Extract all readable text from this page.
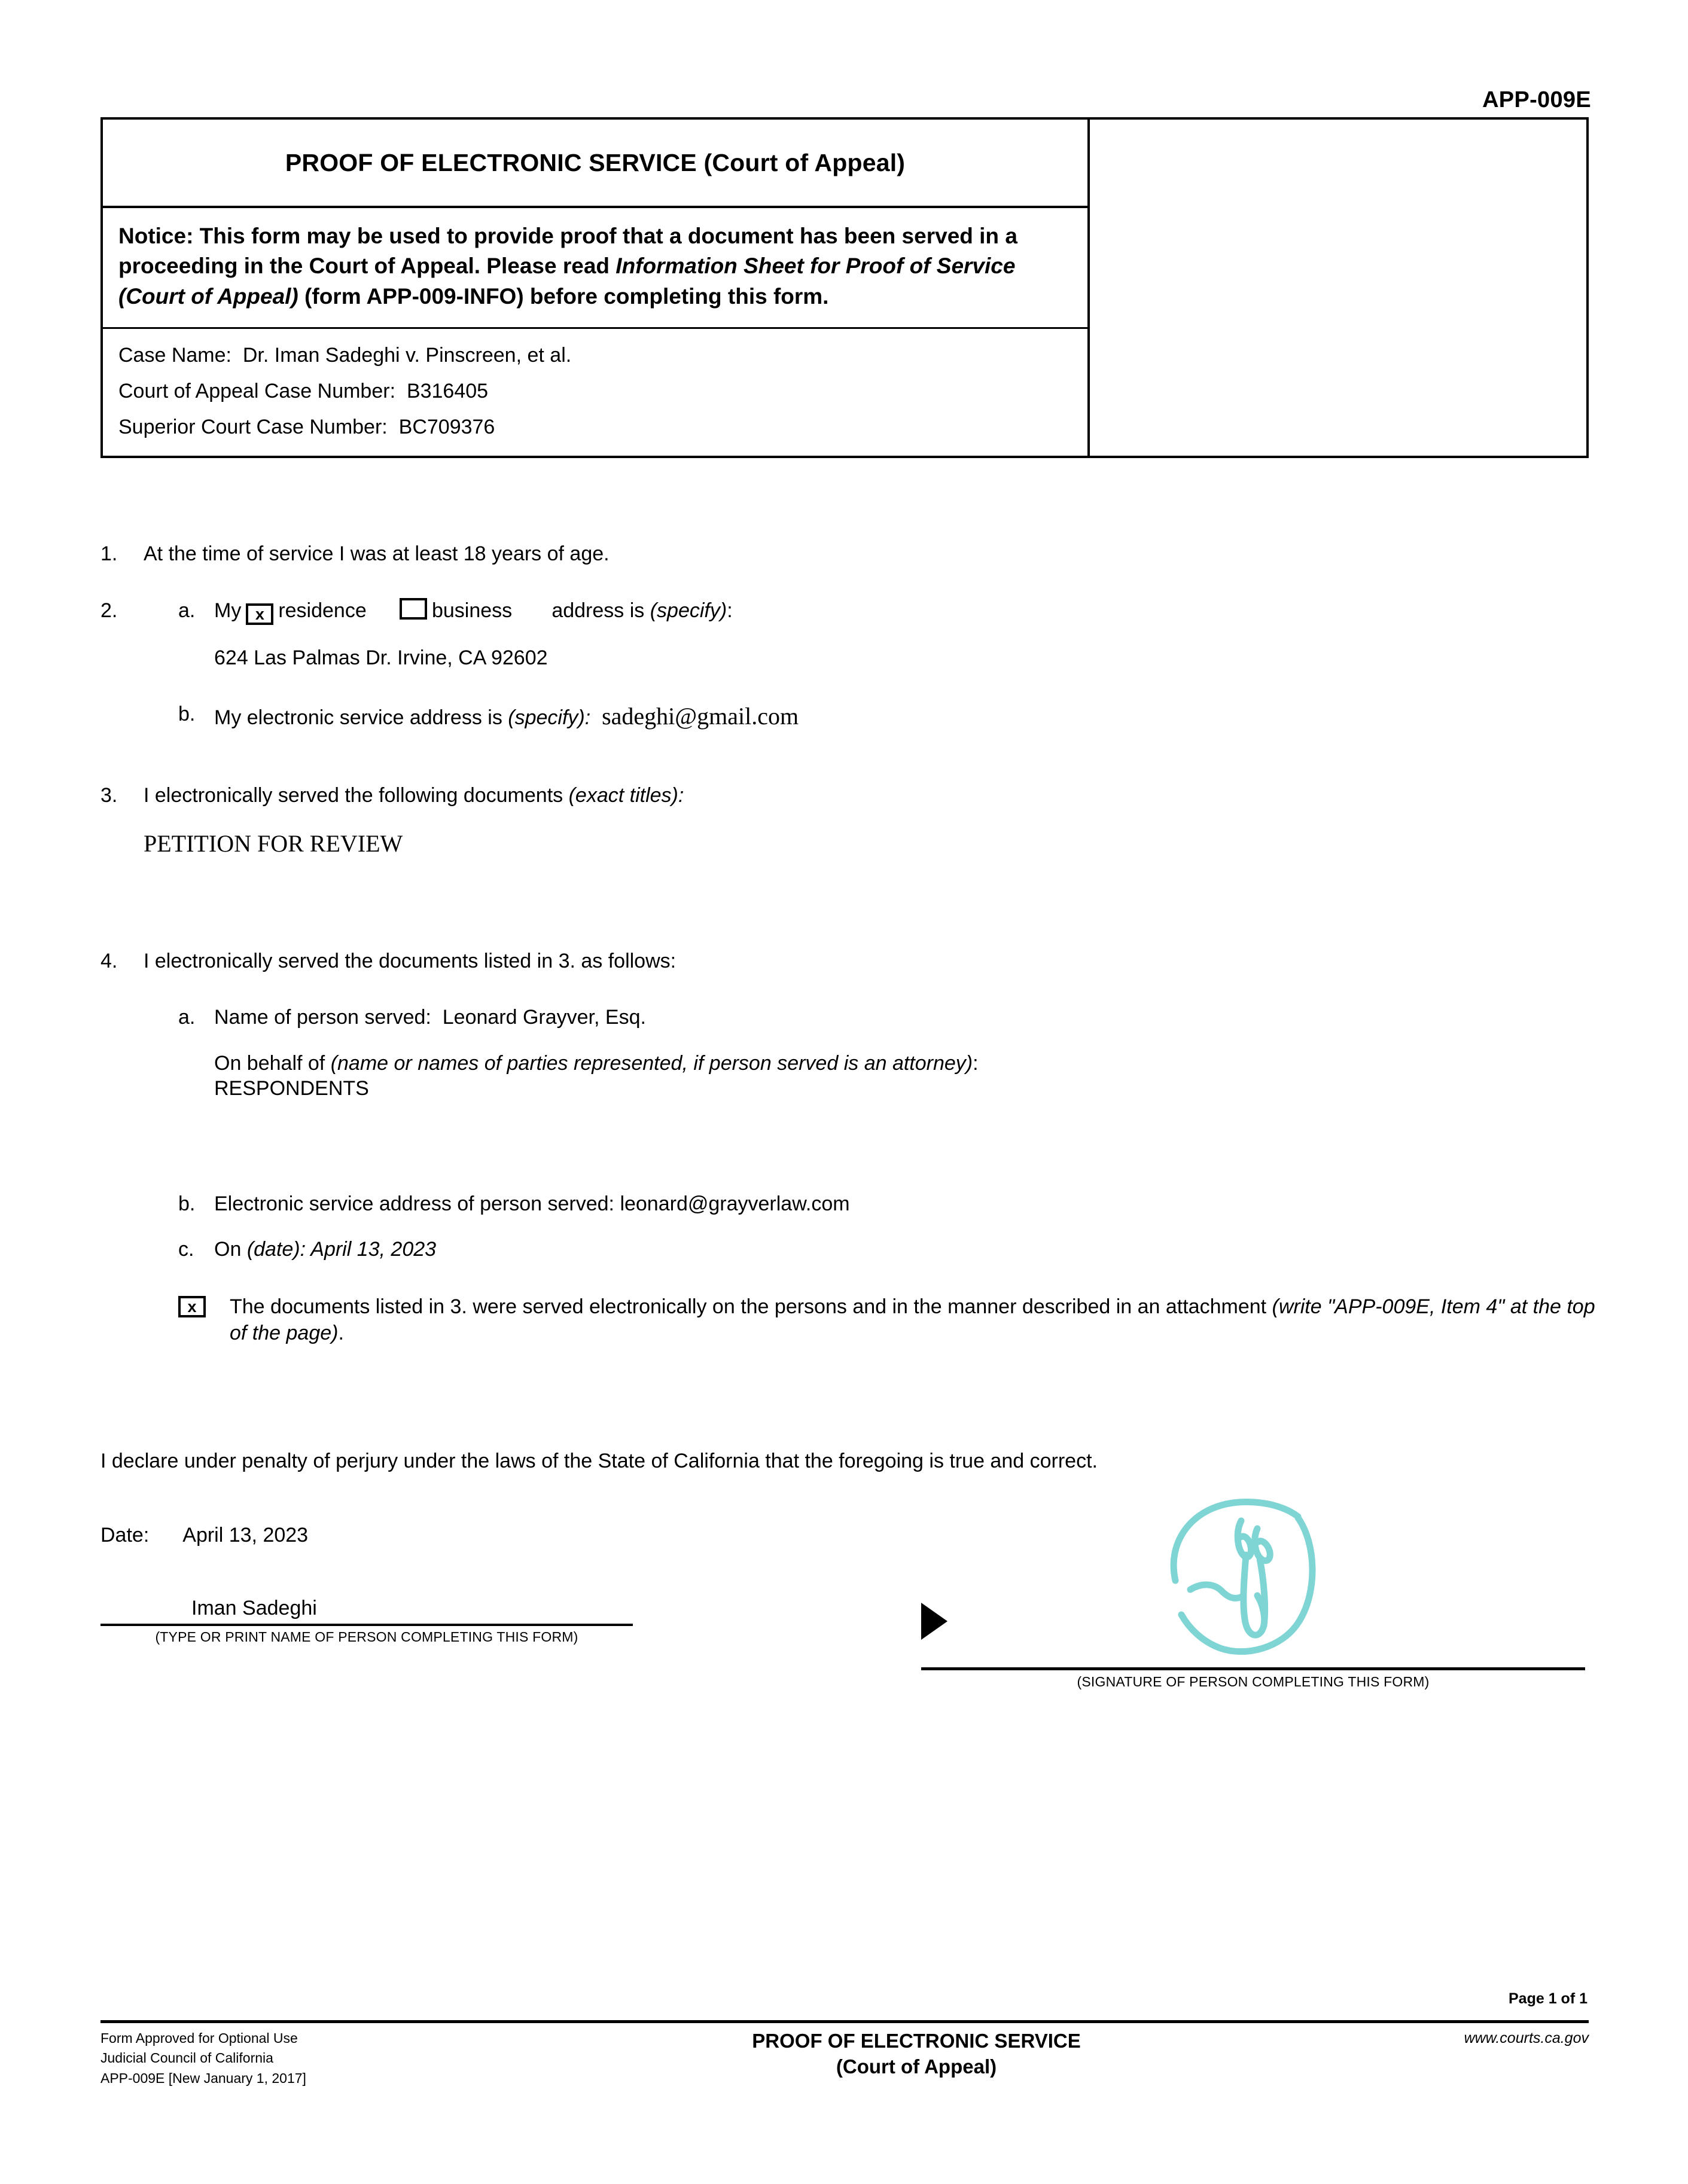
APP-009E
PROOF OF ELECTRONIC SERVICE (Court of Appeal)
Notice: This form may be used to provide proof that a document has been served in a proceeding in the Court of Appeal. Please read Information Sheet for Proof of Service (Court of Appeal) (form APP-009-INFO) before completing this form.
Case Name: Dr. Iman Sadeghi v. Pinscreen, et al.
Court of Appeal Case Number: B316405
Superior Court Case Number: BC709376
1.	At the time of service I was at least 18 years of age.
2.	a. My x residence	business address is (specify):
624 Las Palmas Dr. Irvine, CA 92602
b. My electronic service address is (specify): sadeghi@gmail.com
3.	I electronically served the following documents (exact titles):
PETITION FOR REVIEW
4.	I electronically served the documents listed in 3. as follows:
a. Name of person served: Leonard Grayver, Esq.
On behalf of (name or names of parties represented, if person served is an attorney):
RESPONDENTS
b. Electronic service address of person served: leonard@grayverlaw.com
c. On (date): April 13, 2023
x	The documents listed in 3. were served electronically on the persons and in the manner described in an attachment (write "APP-009E, Item 4" at the top of the page).
I declare under penalty of perjury under the laws of the State of California that the foregoing is true and correct.
Date: April 13, 2023
Iman Sadeghi
(TYPE OR PRINT NAME OF PERSON COMPLETING THIS FORM)
(SIGNATURE OF PERSON COMPLETING THIS FORM)
Page 1 of 1
Form Approved for Optional Use
Judicial Council of California
APP-009E [New January 1, 2017]
PROOF OF ELECTRONIC SERVICE
(Court of Appeal)
www.courts.ca.gov
